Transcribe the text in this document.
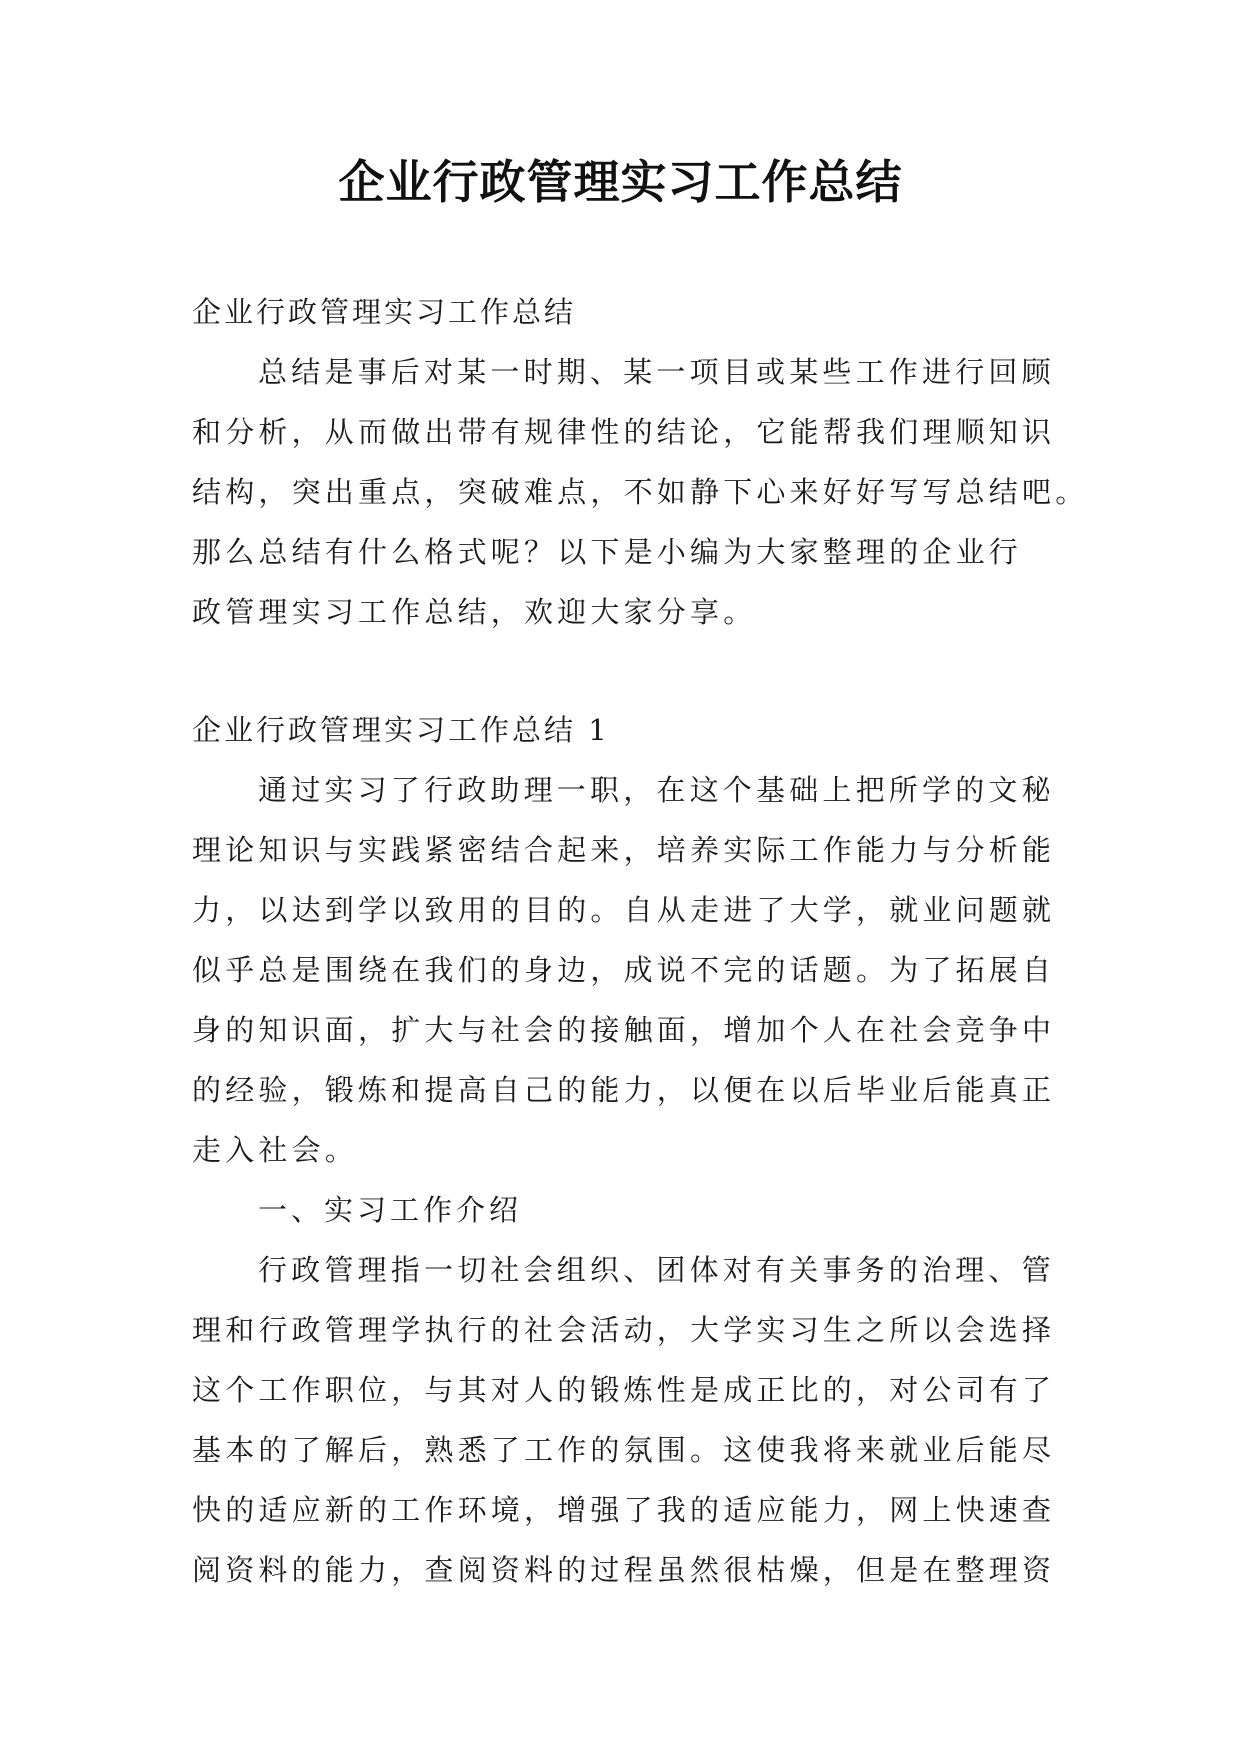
企业行政管理实习工作总结

企业行政管理实习工作总结

总结是事后对某一时期、某一项目或某些工作进行回顾
和分析，从而做出带有规律性的结论，它能帮我们理顺知识
结构，突出重点，突破难点，不如静下心来好好写写总结吧。
那么总结有什么格式呢？以下是小编为大家整理的企业行
政管理实习工作总结，欢迎大家分享。

企业行政管理实习工作总结 1

通过实习了行政助理一职，在这个基础上把所学的文秘
理论知识与实践紧密结合起来，培养实际工作能力与分析能
力，以达到学以致用的目的。自从走进了大学，就业问题就
似乎总是围绕在我们的身边，成说不完的话题。为了拓展自
身的知识面，扩大与社会的接触面，增加个人在社会竞争中
的经验，锻炼和提高自己的能力，以便在以后毕业后能真正
走入社会。

一、实习工作介绍

行政管理指一切社会组织、团体对有关事务的治理、管
理和行政管理学执行的社会活动，大学实习生之所以会选择
这个工作职位，与其对人的锻炼性是成正比的，对公司有了
基本的了解后，熟悉了工作的氛围。这使我将来就业后能尽
快的适应新的工作环境，增强了我的适应能力，网上快速查
阅资料的能力，查阅资料的过程虽然很枯燥，但是在整理资
